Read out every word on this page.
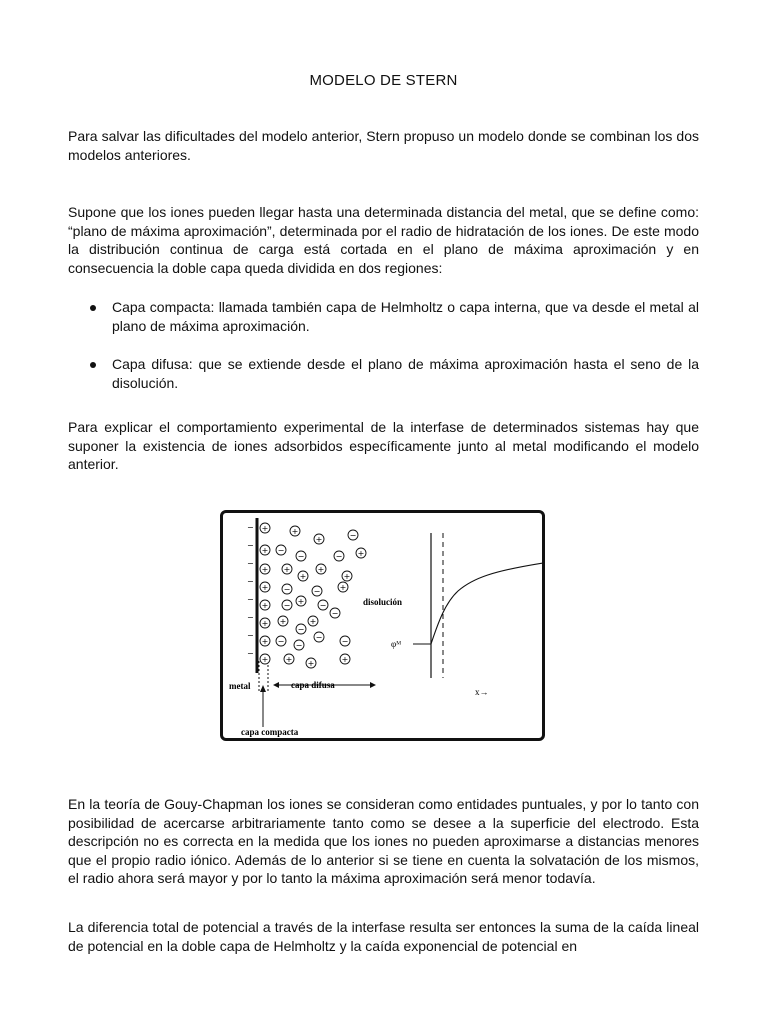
MODELO DE STERN

Para salvar las dificultades del modelo anterior, Stern propuso un modelo donde se combinan los dos modelos anteriores.

Supone que los iones pueden llegar hasta una determinada distancia del metal, que se define como: “plano de máxima aproximación”, determinada por el radio de hidratación de los iones. De este modo la distribución continua de carga está cortada en el plano de máxima aproximación y en consecuencia la doble capa queda dividida en dos regiones:

Capa compacta: llamada también capa de Helmholtz o capa interna, que va desde el metal al plano de máxima aproximación.
Capa difusa: que se extiende desde el plano de máxima aproximación hasta el seno de la disolución.

Para explicar el comportamiento experimental de la interfase de determinados sistemas hay que suponer la existencia de iones adsorbidos específicamente junto al metal modificando el modelo anterior.

metal	capa difusa
capa compacta
disolución
φᴹ
x→
+	+
+	−
+ −
−	− +
+ +
+
+
+
+ −
+
− +
+ −
+	+
−
+
−
−
+ − −
− −
+ + +	+
−
−
−
−
−
−
−
−

En la teoría de Gouy-Chapman los iones se consideran como entidades puntuales, y por lo tanto con posibilidad de acercarse arbitrariamente tanto como se desee a la superficie del electrodo. Esta descripción no es correcta en la medida que los iones no pueden aproximarse a distancias menores que el propio radio iónico. Además de lo anterior si se tiene en cuenta la solvatación de los mismos, el radio ahora será mayor y por lo tanto la máxima aproximación será menor todavía.

La diferencia total de potencial a través de la interfase resulta ser entonces la suma de la caída lineal de potencial en la doble capa de Helmholtz y la caída exponencial de potencial en
